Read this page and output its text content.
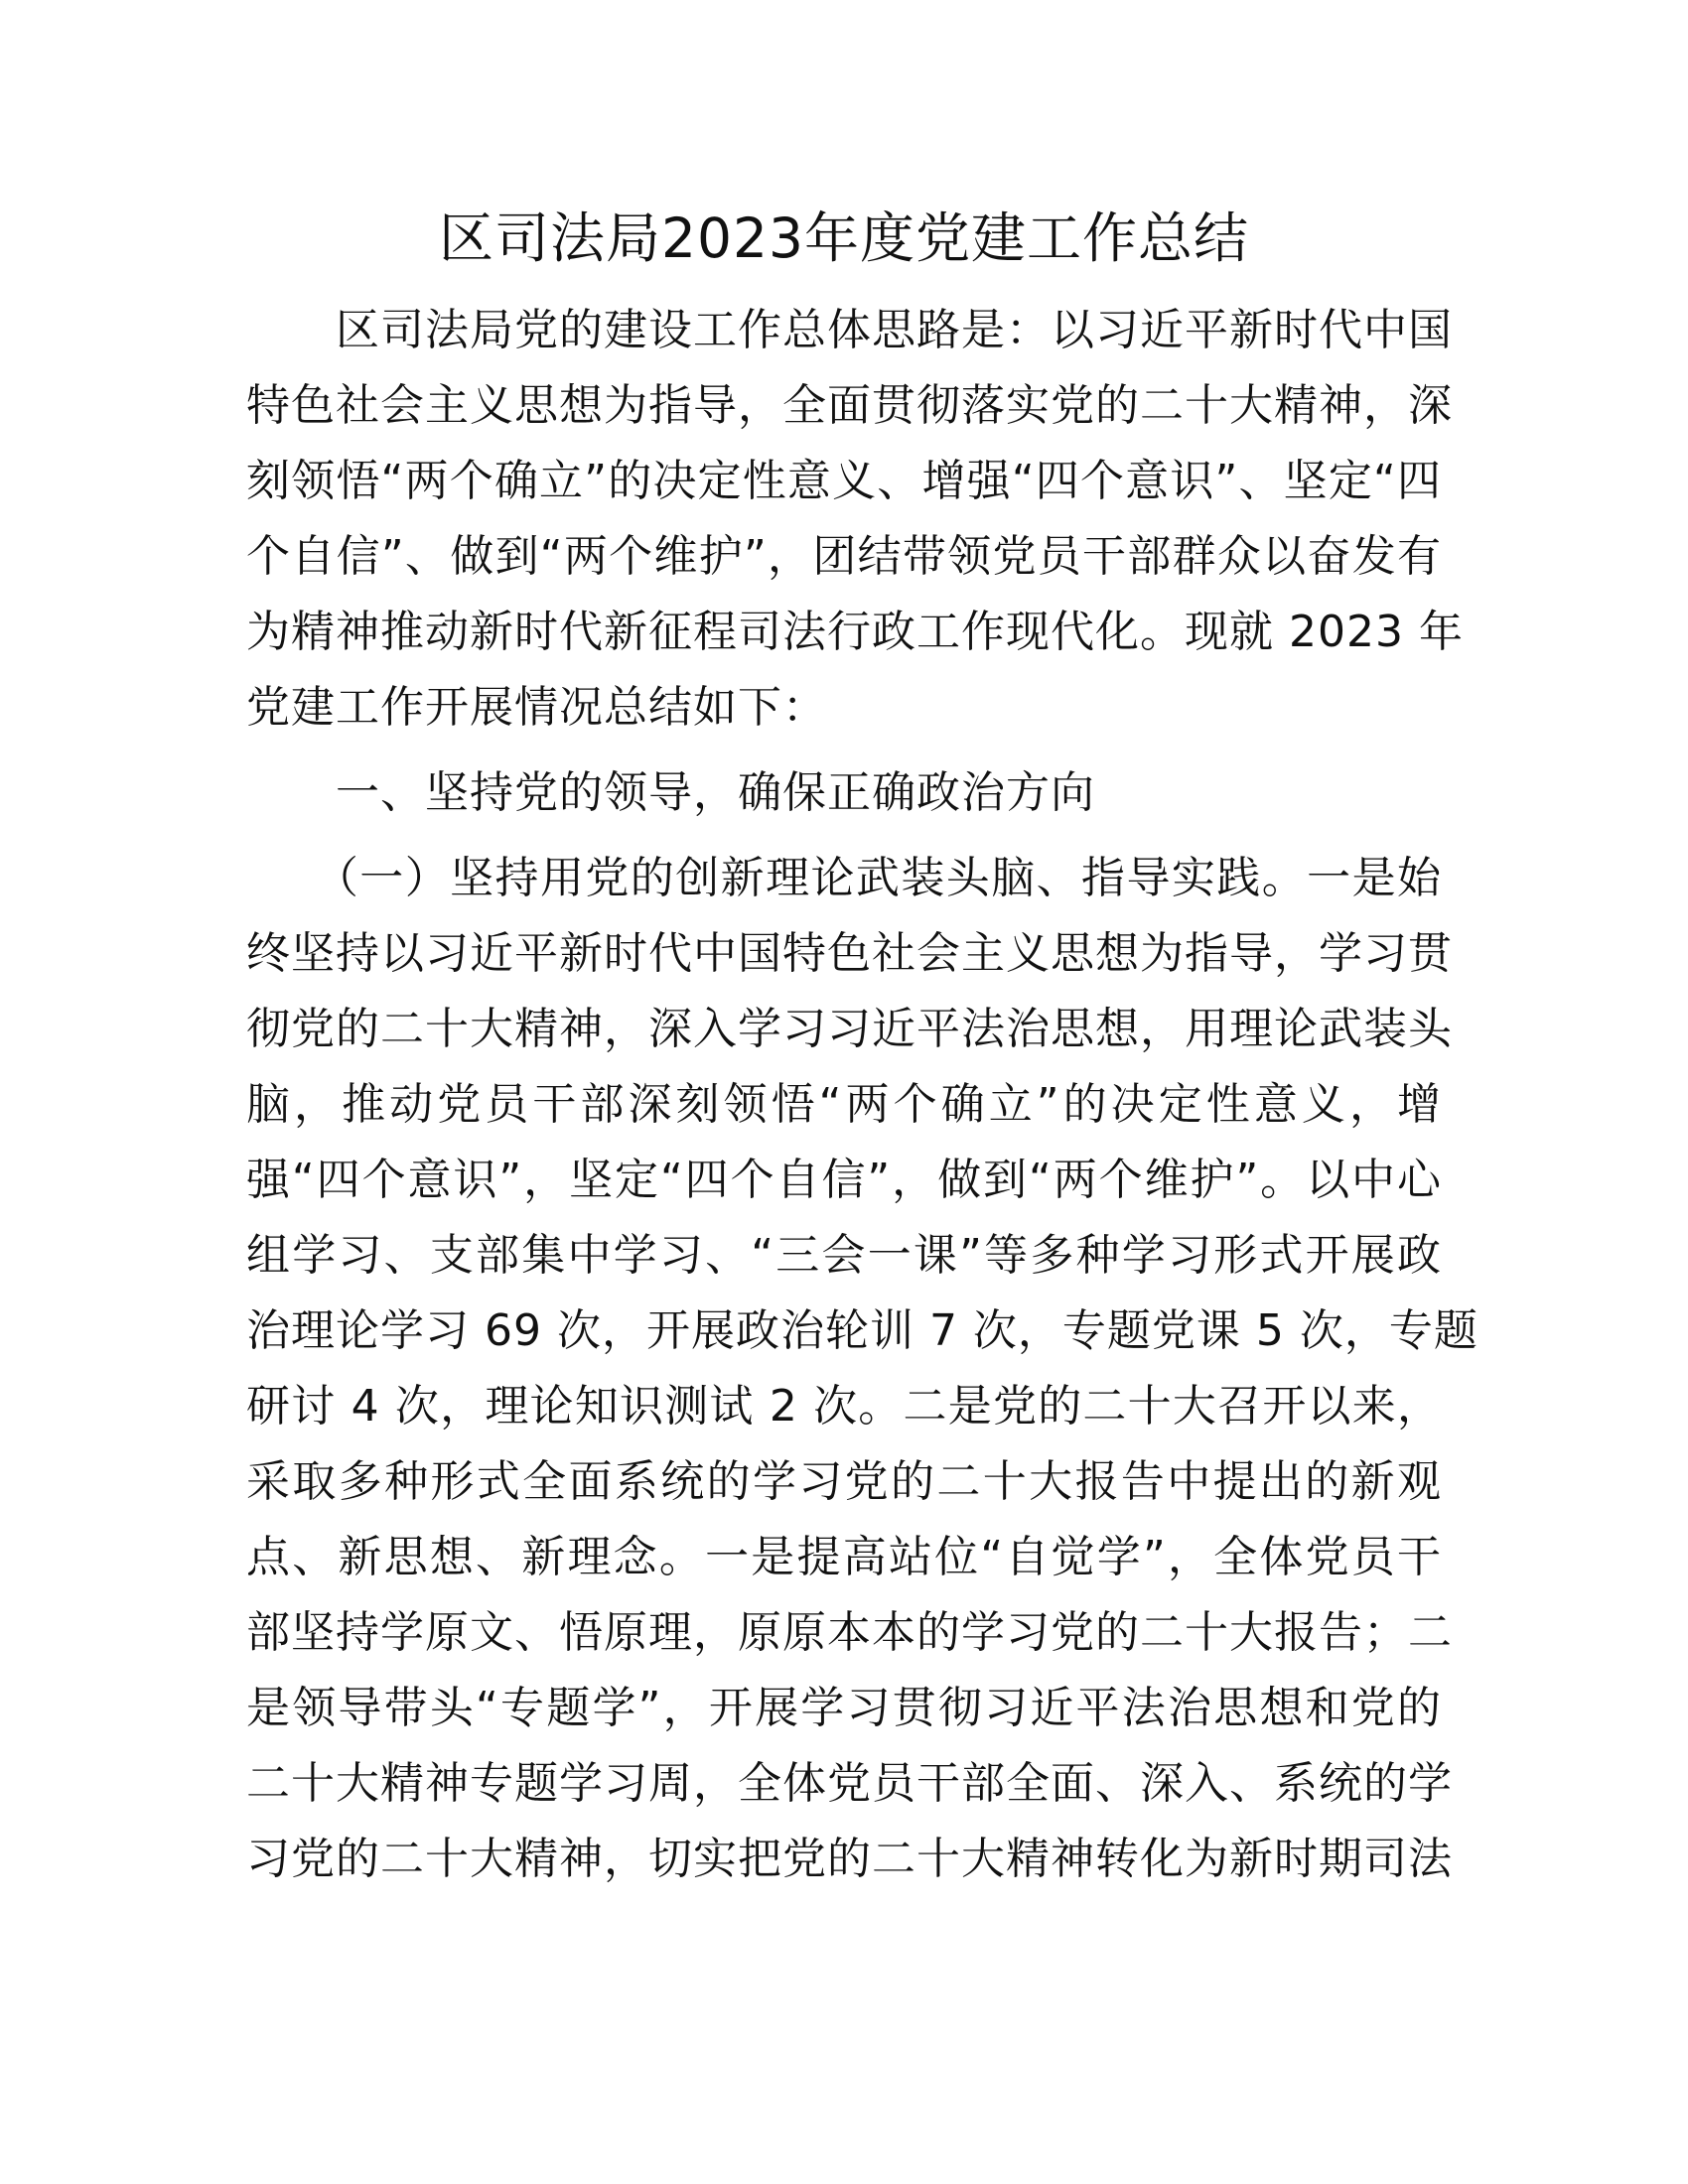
区司法局2023年度党建工作总结
　　区司法局党的建设工作总体思路是：以习近平新时代中国
特色社会主义思想为指导，全面贯彻落实党的二十大精神，深
刻领悟“两个确立”的决定性意义、增强“四个意识”、坚定“四
个自信”、做到“两个维护”，团结带领党员干部群众以奋发有
为精神推动新时代新征程司法行政工作现代化。现就 2023 年
党建工作开展情况总结如下：
　　一、坚持党的领导，确保正确政治方向
　　（一）坚持用党的创新理论武装头脑、指导实践。一是始
终坚持以习近平新时代中国特色社会主义思想为指导，学习贯
彻党的二十大精神，深入学习习近平法治思想，用理论武装头
脑，推动党员干部深刻领悟“两个确立”的决定性意义，增
强“四个意识”，坚定“四个自信”，做到“两个维护”。以中心
组学习、支部集中学习、“三会一课”等多种学习形式开展政
治理论学习 69 次，开展政治轮训 7 次，专题党课 5 次，专题
研讨 4 次，理论知识测试 2 次。二是党的二十大召开以来，
采取多种形式全面系统的学习党的二十大报告中提出的新观
点、新思想、新理念。一是提高站位“自觉学”，全体党员干
部坚持学原文、悟原理，原原本本的学习党的二十大报告；二
是领导带头“专题学”，开展学习贯彻习近平法治思想和党的
二十大精神专题学习周，全体党员干部全面、深入、系统的学
习党的二十大精神，切实把党的二十大精神转化为新时期司法
